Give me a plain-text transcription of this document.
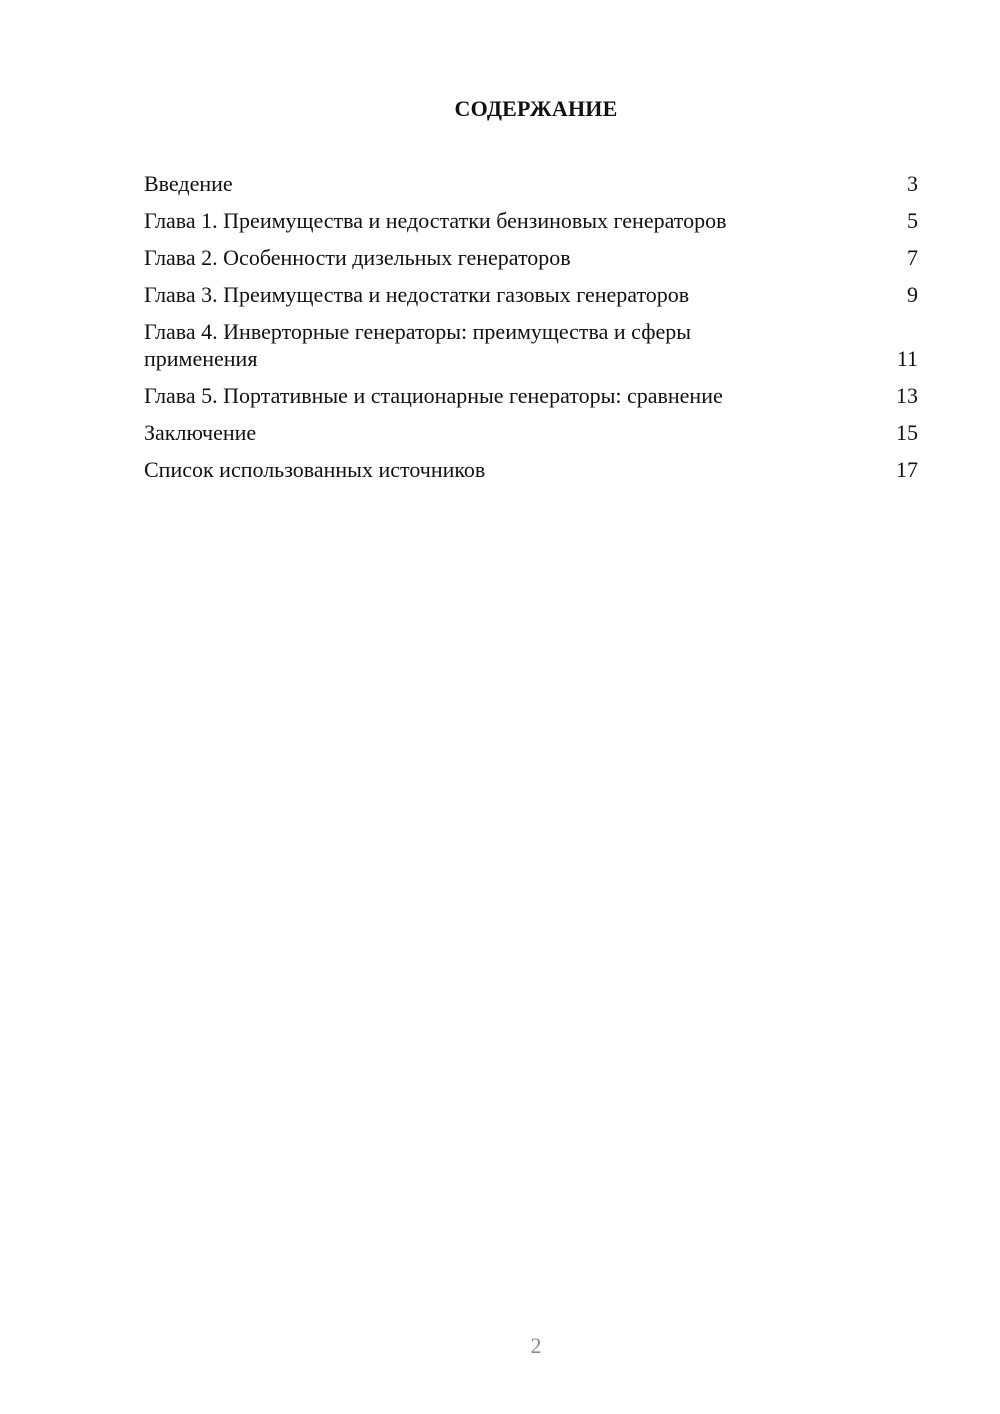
СОДЕРЖАНИЕ
Введение	3
Глава 1. Преимущества и недостатки бензиновых генераторов	5
Глава 2. Особенности дизельных генераторов	7
Глава 3. Преимущества и недостатки газовых генераторов	9
Глава 4. Инверторные генераторы: преимущества и сферы применения	11
Глава 5. Портативные и стационарные генераторы: сравнение	13
Заключение	15
Список использованных источников	17
2
